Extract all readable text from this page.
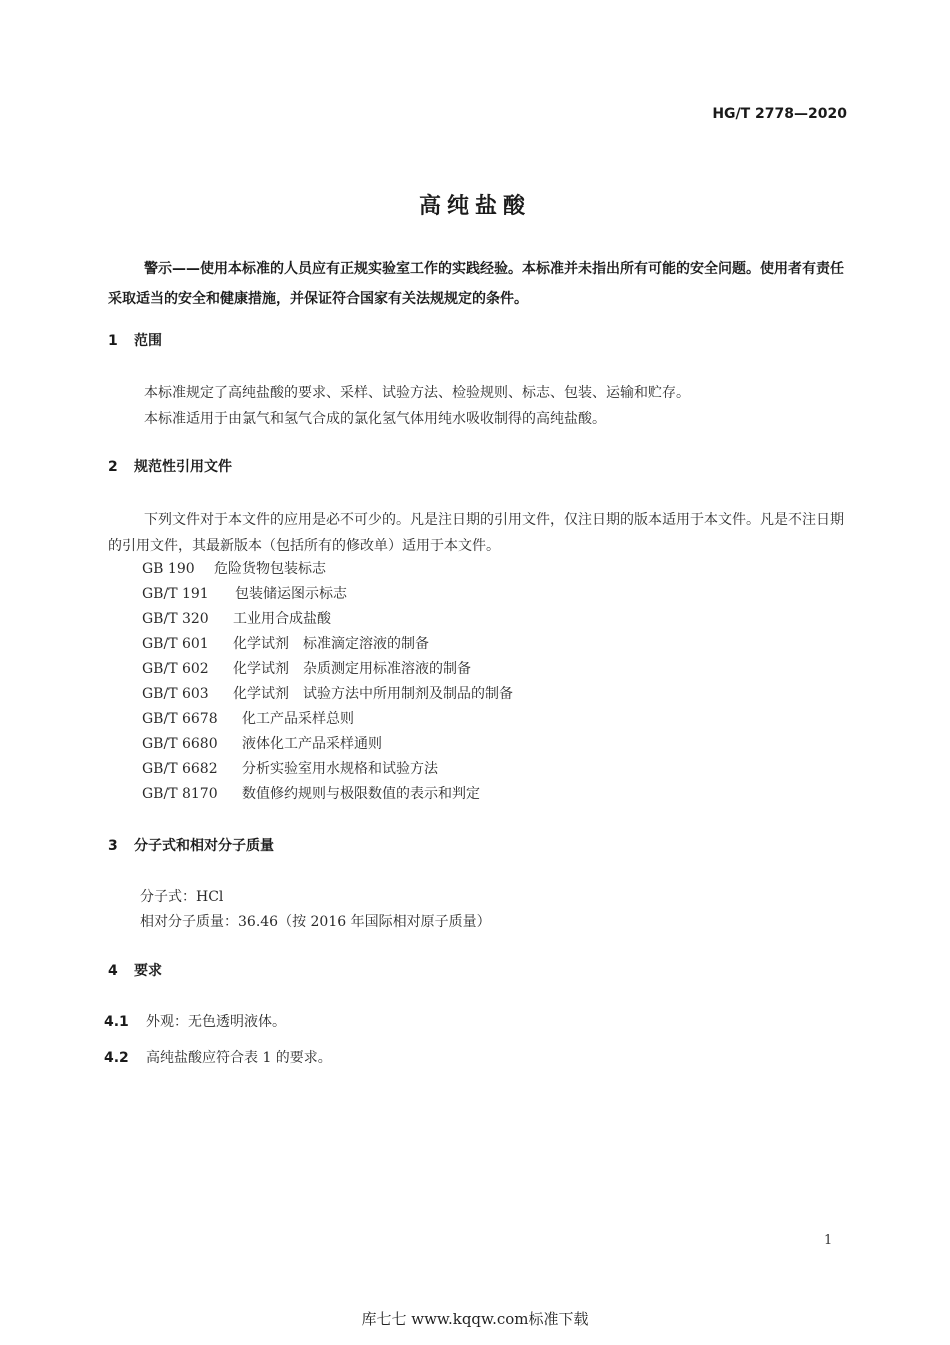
HG/T 2778—2020
高纯盐酸
警示——使用本标准的人员应有正规实验室工作的实践经验。本标准并未指出所有可能的安全问题。使用者有责任采取适当的安全和健康措施，并保证符合国家有关法规规定的条件。
1 范围
本标准规定了高纯盐酸的要求、采样、试验方法、检验规则、标志、包装、运输和贮存。
本标准适用于由氯气和氢气合成的氯化氢气体用纯水吸收制得的高纯盐酸。
2 规范性引用文件
下列文件对于本文件的应用是必不可少的。凡是注日期的引用文件，仅注日期的版本适用于本文件。凡是不注日期的引用文件，其最新版本（包括所有的修改单）适用于本文件。
GB 190 危险货物包装标志
GB/T 191 包装储运图示标志
GB/T 320 工业用合成盐酸
GB/T 601 化学试剂　标准滴定溶液的制备
GB/T 602 化学试剂　杂质测定用标准溶液的制备
GB/T 603 化学试剂　试验方法中所用制剂及制品的制备
GB/T 6678 化工产品采样总则
GB/T 6680 液体化工产品采样通则
GB/T 6682 分析实验室用水规格和试验方法
GB/T 8170 数值修约规则与极限数值的表示和判定
3 分子式和相对分子质量
分子式：HCl
相对分子质量：36.46（按 2016 年国际相对原子质量）
4 要求
4.1 外观：无色透明液体。
4.2 高纯盐酸应符合表 1 的要求。
1
库七七 www.kqqw.com标准下载
